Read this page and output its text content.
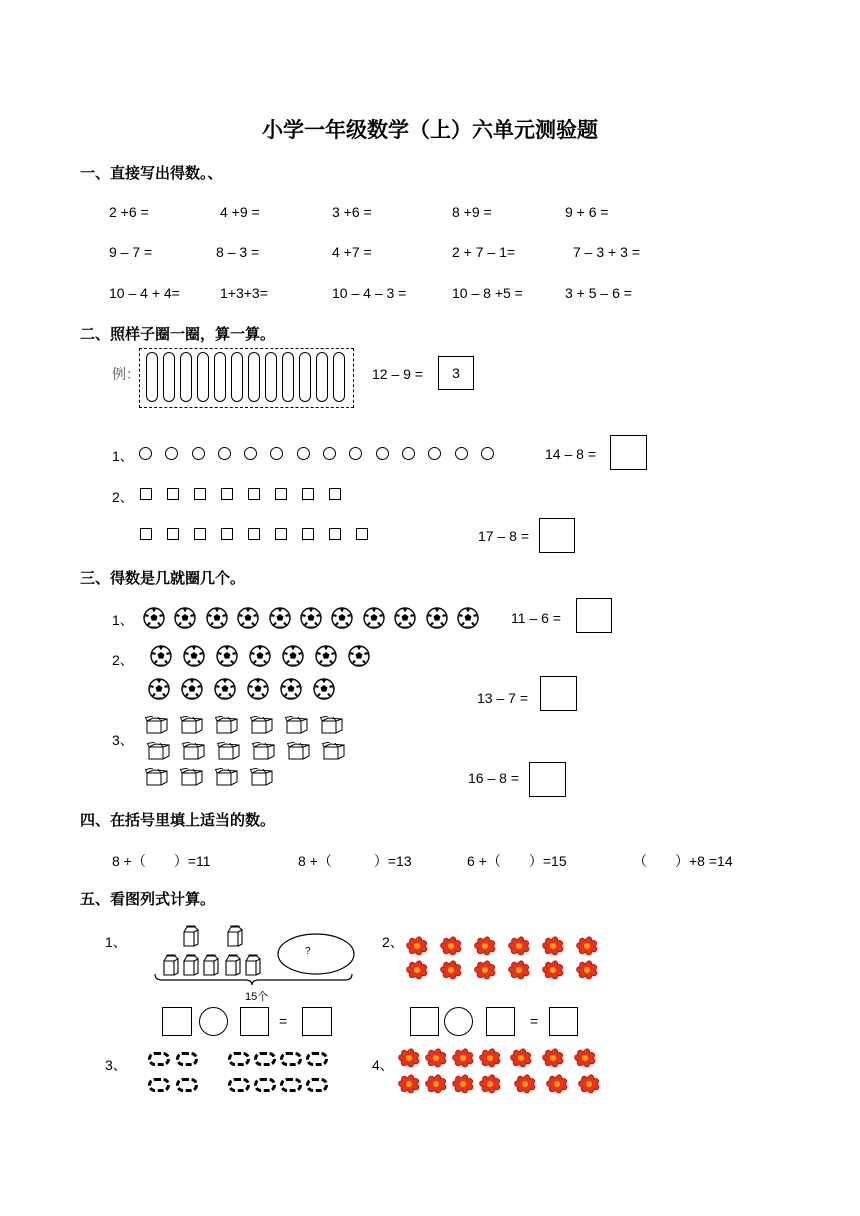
小学一年级数学（上）六单元测验题
一、直接写出得数。、
2 +6 =	4 +9 =	3 +6 =	8 +9 =	9 + 6 =
9 – 7 =	8 – 3 =	4 +7 =	2 + 7 – 1=	7 – 3 + 3 =
10 – 4 + 4=	1+3+3=	10 – 4 – 3 =	10 – 8 +5 =	3 + 5 – 6 =
二、照样子圈一圈，算一算。
例：	12 – 9 =	3
1、	14 – 8 =
2、
17 – 8 =
三、得数是几就圈几个。
1、	11 – 6 =
2、
13 – 7 =
3、
16 – 8 =
四、在括号里填上适当的数。
8 +（　　）=11	8 +（　　　）=13	6 +（　　）=15	（　　）+8 =14
五、看图列式计算。
1、
?
15个
=
2、
=
3、	4、
